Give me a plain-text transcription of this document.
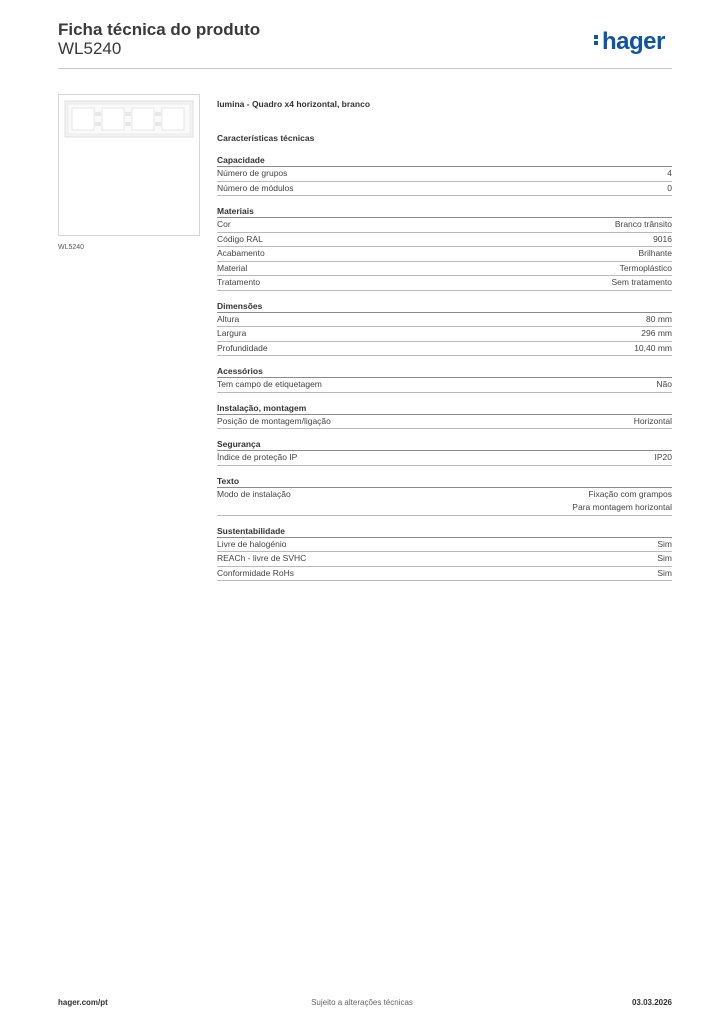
Ficha técnica do produto
WL5240	hager
WL5240
lumina - Quadro x4 horizontal, branco
Características técnicas
Capacidade
Número de grupos	4
Número de módulos	0
Materiais
Cor	Branco trânsito
Código RAL	9016
Acabamento	Brilhante
Material	Termoplástico
Tratamento	Sem tratamento
Dimensões
Altura	80 mm
Largura	296 mm
Profundidade	10,40 mm
Acessórios
Tem campo de etiquetagem	Não
Instalação, montagem
Posição de montagem/ligação	Horizontal
Segurança
Índice de proteção IP	IP20
Texto
Modo de instalação	Fixação com grampos
Para montagem horizontal
Sustentabilidade
Livre de halogénio	Sim
REACh - livre de SVHC	Sim
Conformidade RoHs	Sim
hager.com/pt	Sujeito a alterações técnicas	03.03.2026
